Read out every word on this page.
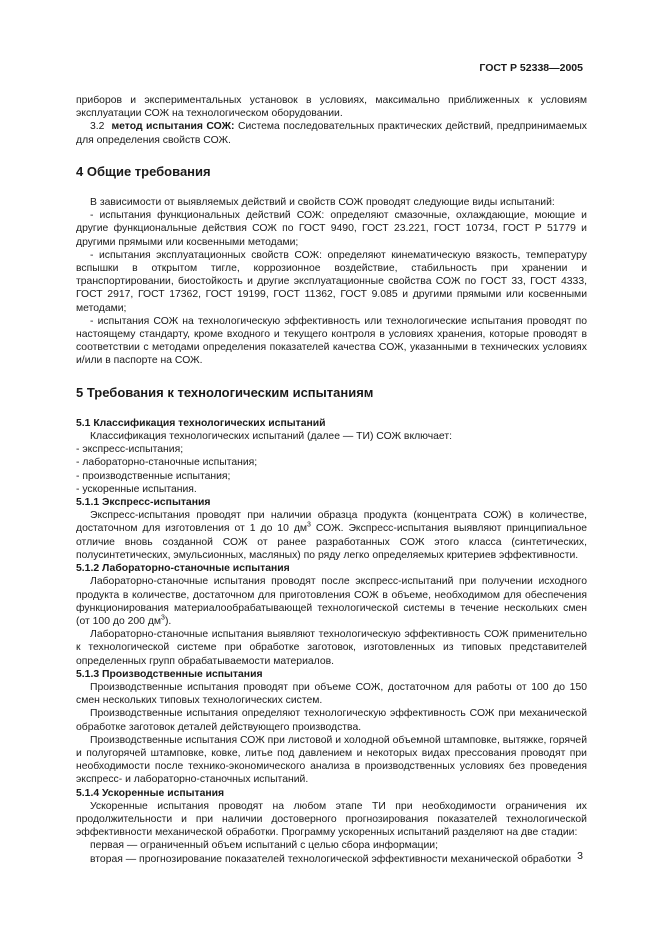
ГОСТ Р 52338—2005

приборов и экспериментальных установок в условиях, максимально приближенных к условиям эксплуатации СОЖ на технологическом оборудовании.

3.2 метод испытания СОЖ: Система последовательных практических действий, предпринимаемых для определения свойств СОЖ.

4 Общие требования

В зависимости от выявляемых действий и свойств СОЖ проводят следующие виды испытаний:

- испытания функциональных действий СОЖ: определяют смазочные, охлаждающие, моющие и другие функциональные действия СОЖ по ГОСТ 9490, ГОСТ 23.221, ГОСТ 10734, ГОСТ Р 51779 и другими прямыми или косвенными методами;

- испытания эксплуатационных свойств СОЖ: определяют кинематическую вязкость, температуру вспышки в открытом тигле, коррозионное воздействие, стабильность при хранении и транспортировании, биостойкость и другие эксплуатационные свойства СОЖ по ГОСТ 33, ГОСТ 4333, ГОСТ 2917, ГОСТ 17362, ГОСТ 19199, ГОСТ 11362, ГОСТ 9.085 и другими прямыми или косвенными методами;

- испытания СОЖ на технологическую эффективность или технологические испытания проводят по настоящему стандарту, кроме входного и текущего контроля в условиях хранения, которые проводят в соответствии с методами определения показателей качества СОЖ, указанными в технических условиях и/или в паспорте на СОЖ.

5 Требования к технологическим испытаниям

5.1 Классификация технологических испытаний

Классификация технологических испытаний (далее — ТИ) СОЖ включает:

- экспресс-испытания;

- лабораторно-станочные испытания;

- производственные испытания;

- ускоренные испытания.

5.1.1 Экспресс-испытания

Экспресс-испытания проводят при наличии образца продукта (концентрата СОЖ) в количестве, достаточном для изготовления от 1 до 10 $дм^3$ СОЖ. Экспресс-испытания выявляют принципиальное отличие вновь созданной СОЖ от ранее разработанных СОЖ этого класса (синтетических, полусинтетических, эмульсионных, масляных) по ряду легко определяемых критериев эффективности.

5.1.2 Лабораторно-станочные испытания

Лабораторно-станочные испытания проводят после экспресс-испытаний при получении исходного продукта в количестве, достаточном для приготовления СОЖ в объеме, необходимом для обеспечения функционирования материалообрабатывающей технологической системы в течение нескольких смен (от 100 до 200 $дм^3$).

Лабораторно-станочные испытания выявляют технологическую эффективность СОЖ применительно к технологической системе при обработке заготовок, изготовленных из типовых представителей определенных групп обрабатываемости материалов.

5.1.3 Производственные испытания

Производственные испытания проводят при объеме СОЖ, достаточном для работы от 100 до 150 смен нескольких типовых технологических систем.

Производственные испытания определяют технологическую эффективность СОЖ при механической обработке заготовок деталей действующего производства.

Производственные испытания СОЖ при листовой и холодной объемной штамповке, вытяжке, горячей и полугорячей штамповке, ковке, литье под давлением и некоторых видах прессования проводят при необходимости после технико-экономического анализа в производственных условиях без проведения экспресс- и лабораторно-станочных испытаний.

5.1.4 Ускоренные испытания

Ускоренные испытания проводят на любом этапе ТИ при необходимости ограничения их продолжительности и при наличии достоверного прогнозирования показателей технологической эффективности механической обработки. Программу ускоренных испытаний разделяют на две стадии:

первая — ограниченный объем испытаний с целью сбора информации;

вторая — прогнозирование показателей технологической эффективности механической обработки 3
